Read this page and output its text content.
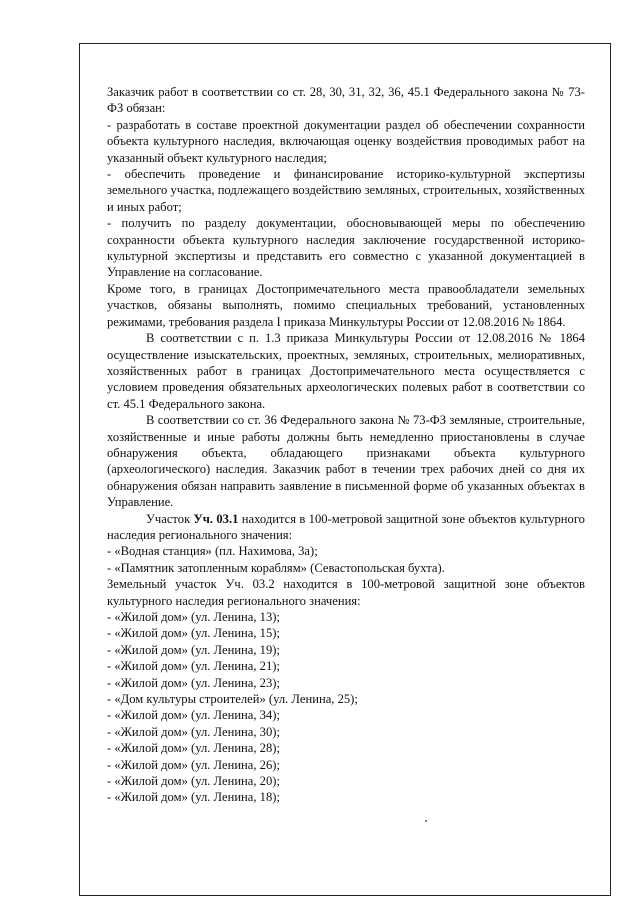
Заказчик работ в соответствии со ст. 28, 30, 31, 32, 36, 45.1 Федерального закона № 73-ФЗ обязан:

- разработать в составе проектной документации раздел об обеспечении сохранности объекта культурного наследия, включающая оценку воздействия проводимых работ на указанный объект культурного наследия;

- обеспечить проведение и финансирование историко-культурной экспертизы земельного участка, подлежащего воздействию земляных, строительных, хозяйственных и иных работ;

- получить по разделу документации, обосновывающей меры по обеспечению сохранности объекта культурного наследия заключение государственной историко-культурной экспертизы и представить его совместно с указанной документацией в Управление на согласование.

Кроме того, в границах Достопримечательного места правообладатели земельных участков, обязаны выполнять, помимо специальных требований, установленных режимами, требования раздела I приказа Минкультуры России от 12.08.2016 № 1864.

В соответствии с п. 1.3 приказа Минкультуры России от 12.08.2016 № 1864 осуществление изыскательских, проектных, земляных, строительных, мелиоративных, хозяйственных работ в границах Достопримечательного места осуществляется с условием проведения обязательных археологических полевых работ в соответствии со ст. 45.1 Федерального закона.

В соответствии со ст. 36 Федерального закона № 73-ФЗ земляные, строительные, хозяйственные и иные работы должны быть немедленно приостановлены в случае обнаружения объекта, обладающего признаками объекта культурного (археологического) наследия. Заказчик работ в течении трех рабочих дней со дня их обнаружения обязан направить заявление в письменной форме об указанных объектах в Управление.

Участок Уч. 03.1 находится в 100-метровой защитной зоне объектов культурного наследия регионального значения:

- «Водная станция» (пл. Нахимова, 3а);
- «Памятник затопленным кораблям» (Севастопольская бухта).

Земельный участок Уч. 03.2 находится в 100-метровой защитной зоне объектов культурного наследия регионального значения:

- «Жилой дом» (ул. Ленина, 13);
- «Жилой дом» (ул. Ленина, 15);
- «Жилой дом» (ул. Ленина, 19);
- «Жилой дом» (ул. Ленина, 21);
- «Жилой дом» (ул. Ленина, 23);
- «Дом культуры строителей» (ул. Ленина, 25);
- «Жилой дом» (ул. Ленина, 34);
- «Жилой дом» (ул. Ленина, 30);
- «Жилой дом» (ул. Ленина, 28);
- «Жилой дом» (ул. Ленина, 26);
- «Жилой дом» (ул. Ленина, 20);
- «Жилой дом» (ул. Ленина, 18);
